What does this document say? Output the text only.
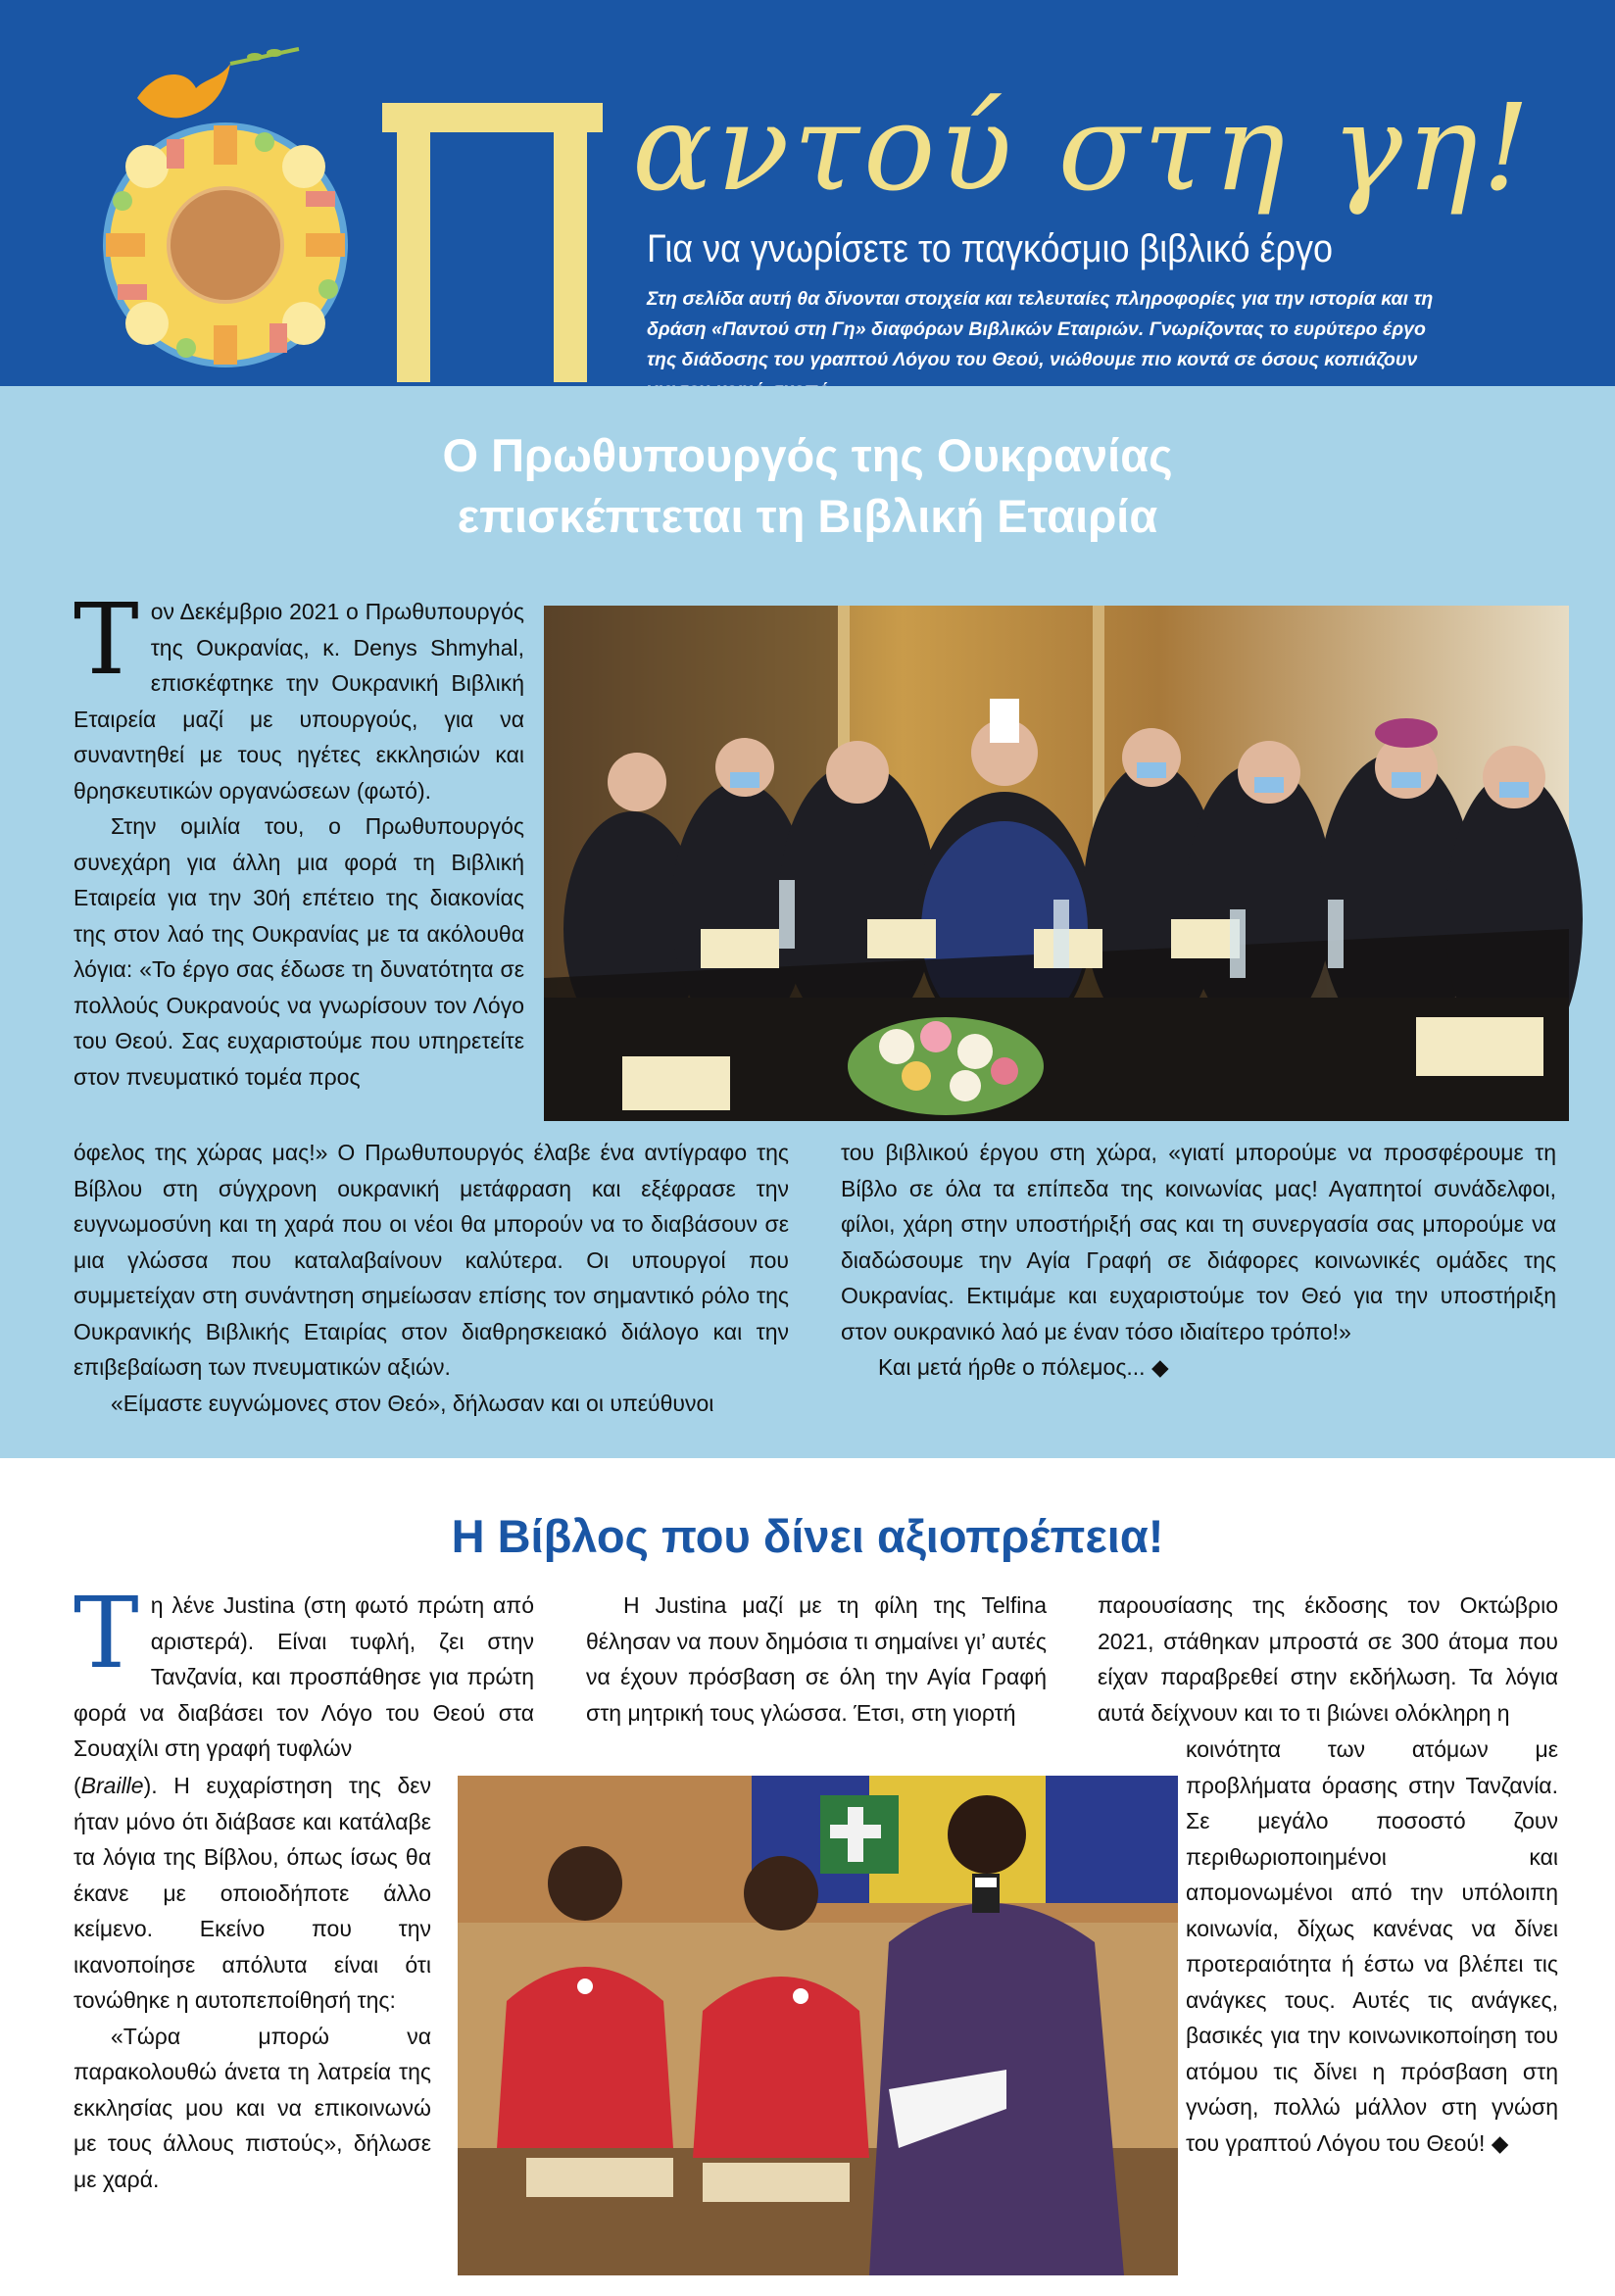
αντού στη γη!
Για να γνωρίσετε το παγκόσμιο βιβλικό έργο
Στη σελίδα αυτή θα δίνονται στοιχεία και τελευταίες πληροφορίες για την ιστορία και τη δράση «Παντού στη Γη» διαφόρων Βιβλικών Εταιριών. Γνωρίζοντας το ευρύτερο έργο της διάδοσης του γραπτού Λόγου του Θεού, νιώθουμε πιο κοντά σε όσους κοπιάζουν
Ο Πρωθυπουργός της Ουκρανίας
επισκέπτεται τη Βιβλική Εταιρία

Τον Δεκέμβριο 2021 ο Πρωθυπουργός της Ουκρανίας, κ. Denys Shmyhal, επισκέφτηκε την Ουκρανική Βιβλική Εταιρεία μαζί με υπουργούς, για να συναντηθεί με τους ηγέτες εκκλησιών και θρησκευτικών οργανώσεων (φωτό).

Στην ομιλία του, ο Πρωθυπουργός συνεχάρη για άλλη μια φορά τη Βιβλική Εταιρεία για την 30ή επέτειο της διακονίας της στον λαό της Ουκρανίας με τα ακόλουθα λόγια: «Το έργο σας έδωσε τη δυνατότητα σε πολλούς Ουκρανούς να γνωρίσουν τον Λόγο του Θεού. Σας ευχαριστούμε που υπηρετείτε στον πνευματικό τομέα προς

όφελος της χώρας μας!» Ο Πρωθυπουργός έλαβε ένα αντίγραφο της Βίβλου στη σύγχρονη ουκρανική μετάφραση και εξέφρασε την ευγνωμοσύνη και τη χαρά που οι νέοι θα μπορούν να το διαβάσουν σε μια γλώσσα που καταλαβαίνουν καλύτερα. Οι υπουργοί που συμμετείχαν στη συνάντηση σημείωσαν επίσης τον σημαντικό ρόλο της Ουκρανικής Βιβλικής Εταιρίας στον διαθρησκειακό διάλογο και την επιβεβαίωση των πνευματικών αξιών.

«Είμαστε ευγνώμονες στον Θεό», δήλωσαν και οι υπεύθυνοι

του βιβλικού έργου στη χώρα, «γιατί μπορούμε να προσφέρουμε τη Βίβλο σε όλα τα επίπεδα της κοινωνίας μας! Αγαπητοί συνάδελφοι, φίλοι, χάρη στην υποστήριξή σας και τη συνεργασία σας μπορούμε να διαδώσουμε την Αγία Γραφή σε διάφορες κοινωνικές ομάδες της Ουκρανίας. Εκτιμάμε και ευχαριστούμε τον Θεό για την υποστήριξη στον ουκρανικό λαό με έναν τόσο ιδιαίτερο τρόπο!»

Και μετά ήρθε ο πόλεμος... ◆

Η Βίβλος που δίνει αξιοπρέπεια!

Τη λένε Justina (στη φωτό πρώτη από αριστερά). Είναι τυφλή, ζει στην Τανζανία, και προσπάθησε για πρώτη φορά να διαβάσει τον Λόγο του Θεού στα Σουαχίλι στη γραφή τυφλών

(Braille). Η ευχαρίστηση της δεν ήταν μόνο ότι διάβασε και κατάλαβε τα λόγια της Βίβλου, όπως ίσως θα έκανε με οποιοδήποτε άλλο κείμενο. Εκείνο που την ικανοποίησε απόλυτα είναι ότι τονώθηκε η αυτοπεποίθησή της:

«Τώρα μπορώ να παρακολουθώ άνετα τη λατρεία της εκκλησίας μου και να επικοινωνώ με τους άλλους πιστούς», δήλωσε με χαρά.

Η Justina μαζί με τη φίλη της Telfina θέλησαν να πουν δημόσια τι σημαίνει γι’ αυτές να έχουν πρόσβαση σε όλη την Αγία Γραφή στη μητρική τους γλώσσα. Έτσι, στη γιορτή

παρουσίασης της έκδοσης τον Οκτώβριο 2021, στάθηκαν μπροστά σε 300 άτομα που είχαν παραβρεθεί στην εκδήλωση. Τα λόγια αυτά δείχνουν και το τι βιώνει ολόκληρη η

κοινότητα των ατόμων με προβλήματα όρασης στην Τανζανία. Σε μεγάλο ποσοστό ζουν περιθωριοποιημένοι και απομονωμένοι από την υπόλοιπη κοινωνία, δίχως κανένας να δίνει προτεραιότητα ή έστω να βλέπει τις ανάγκες τους. Αυτές τις ανάγκες, βασικές για την κοινωνικοποίηση του ατόμου τις δίνει η πρόσβαση στη γνώση, πολλώ μάλλον στη γνώση του γραπτού Λόγου του Θεού! ◆
